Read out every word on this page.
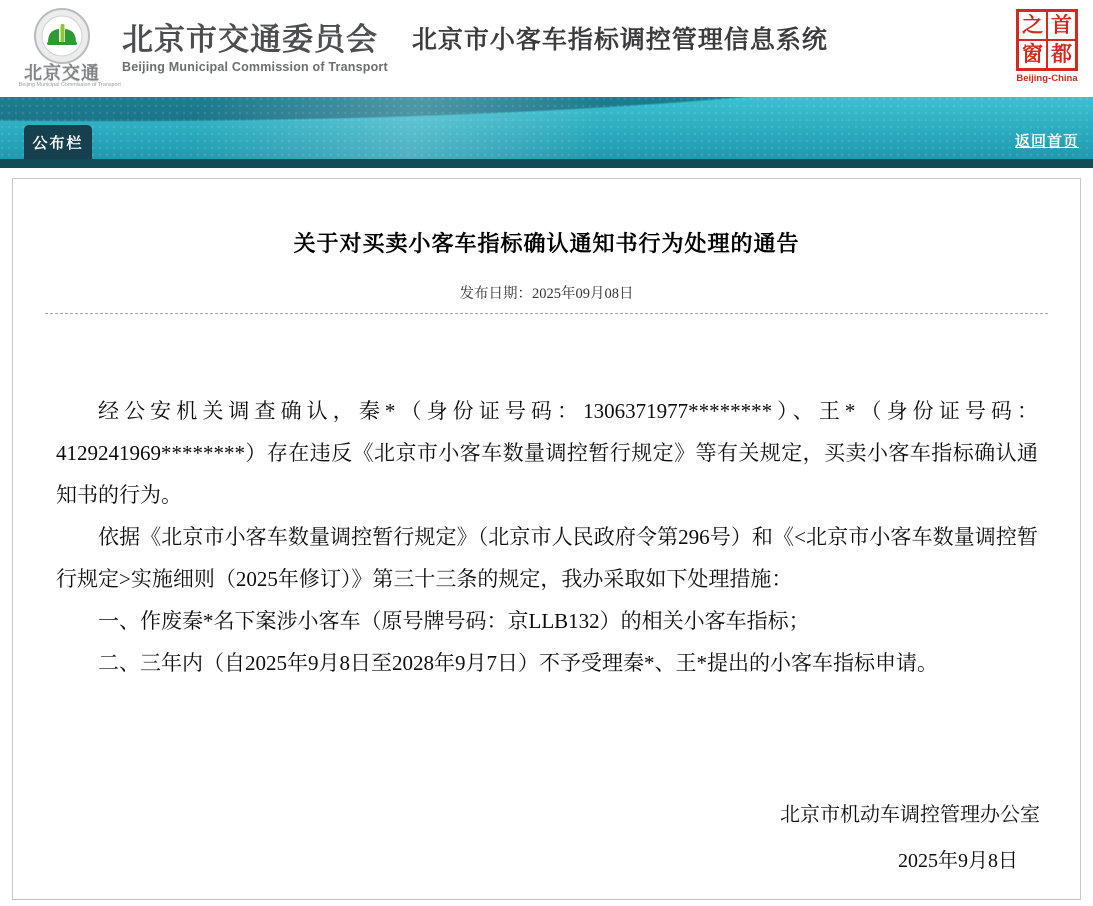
北京交通
Beijing Municipal Commission of Transport
北京市交通委员会
Beijing Municipal Commission of Transport
北京市小客车指标调控管理信息系统
之 首
窗 都
Beijing-China
公布栏	返回首页
关于对买卖小客车指标确认通知书行为处理的通告
发布日期：2025年09月08日

经公安机关调查确认，秦*（身份证号码：1306371977********）、王*（身份证号码：4129241969********）存在违反《北京市小客车数量调控暂行规定》等有关规定，买卖小客车指标确认通知书的行为。

依据《北京市小客车数量调控暂行规定》（北京市人民政府令第296号）和《<北京市小客车数量调控暂行规定>实施细则（2025年修订）》第三十三条的规定，我办采取如下处理措施：

一、作废秦*名下案涉小客车（原号牌号码：京LLB132）的相关小客车指标；

二、三年内（自2025年9月8日至2028年9月7日）不予受理秦*、王*提出的小客车指标申请。

北京市机动车调控管理办公室
2025年9月8日
